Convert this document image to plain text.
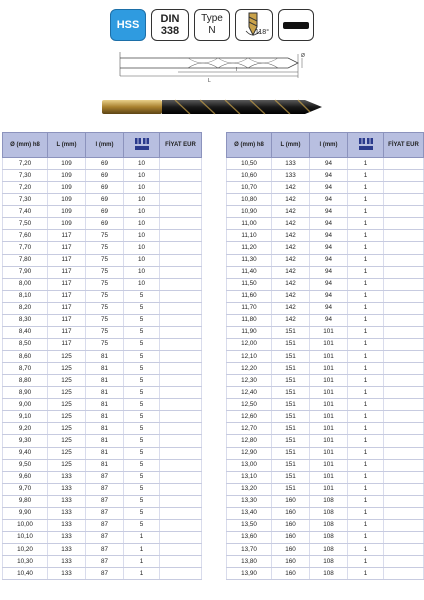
HSS DIN
338
Type
N	118°
l
L
Ø
Ø (mm) h8	L (mm)	l (mm)		FİYAT EUR
7,20	109	69	10	
7,30	109	69	10	
7,20	109	69	10	
7,30	109	69	10	
7,40	109	69	10	
7,50	109	69	10	
7,60	117	75	10	
7,70	117	75	10	
7,80	117	75	10	
7,90	117	75	10	
8,00	117	75	10	
8,10	117	75	5	
8,20	117	75	5	
8,30	117	75	5	
8,40	117	75	5	
8,50	117	75	5	
8,60	125	81	5	
8,70	125	81	5	
8,80	125	81	5	
8,90	125	81	5	
9,00	125	81	5	
9,10	125	81	5	
9,20	125	81	5	
9,30	125	81	5	
9,40	125	81	5	
9,50	125	81	5	
9,60	133	87	5	
9,70	133	87	5	
9,80	133	87	5	
9,90	133	87	5	
10,00	133	87	5	
10,10	133	87	1	
10,20	133	87	1	
10,30	133	87	1	
10,40	133	87	1	
Ø (mm) h8	L (mm)	l (mm)		FİYAT EUR
10,50	133	94	1	
10,60	133	94	1	
10,70	142	94	1	
10,80	142	94	1	
10,90	142	94	1	
11,00	142	94	1	
11,10	142	94	1	
11,20	142	94	1	
11,30	142	94	1	
11,40	142	94	1	
11,50	142	94	1	
11,60	142	94	1	
11,70	142	94	1	
11,80	142	94	1	
11,90	151	101	1	
12,00	151	101	1	
12,10	151	101	1	
12,20	151	101	1	
12,30	151	101	1	
12,40	151	101	1	
12,50	151	101	1	
12,60	151	101	1	
12,70	151	101	1	
12,80	151	101	1	
12,90	151	101	1	
13,00	151	101	1	
13,10	151	101	1	
13,20	151	101	1	
13,30	160	108	1	
13,40	160	108	1	
13,50	160	108	1	
13,60	160	108	1	
13,70	160	108	1	
13,80	160	108	1	
13,90	160	108	1	
